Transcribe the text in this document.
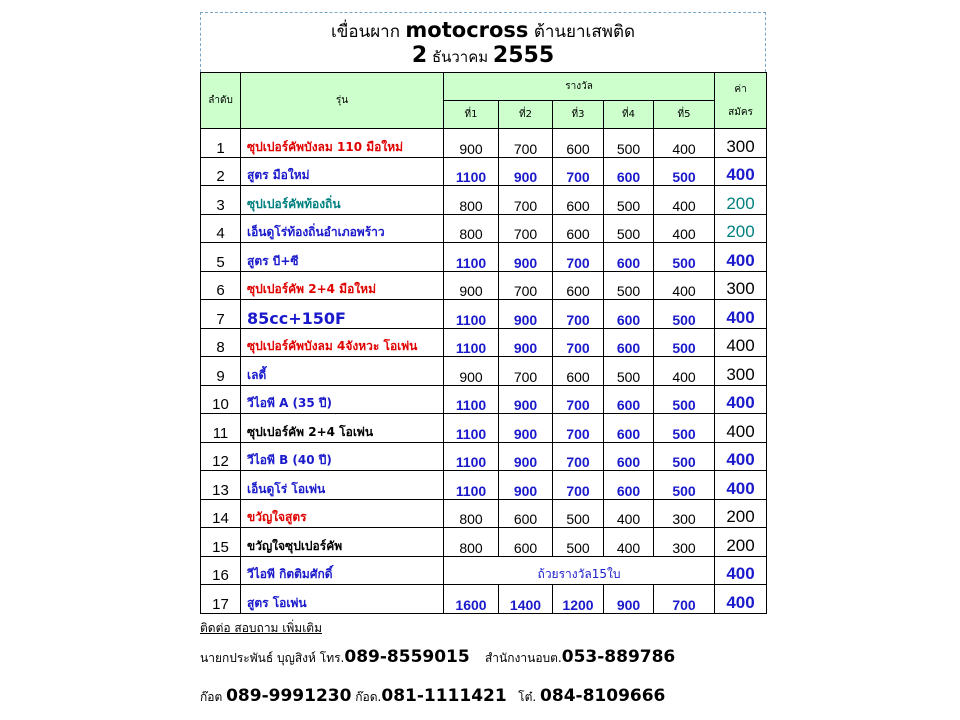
เขื่อนผาก motocross ต้านยาเสพติด
2 ธันวาคม 2555
ลำดับ	รุ่น	รางวัล					ค่า
สมัคร

		ที่1	ที่2	ที่3	ที่4	ที่5	
1	ซุปเปอร์คัพบังลม 110 มือใหม่	900	700	600	500	400	300
2	สูตร มือใหม่	1100	900	700	600	500	400
3	ซุปเปอร์คัพท้องถิ่น	800	700	600	500	400	200
4	เอ็นดูโร่ท้องถิ่นอำเภอพร้าว	800	700	600	500	400	200
5	สูตร บี+ซี	1100	900	700	600	500	400
6	ซุปเปอร์คัพ 2+4 มือใหม่	900	700	600	500	400	300
7	85cc+150F	1100	900	700	600	500	400
8	ซุปเปอร์คัพบังลม 4จังหวะ โอเพ่น	1100	900	700	600	500	400
9	เลดี้	900	700	600	500	400	300
10	วีไอพี A (35 ปี)	1100	900	700	600	500	400
11	ซุปเปอร์คัพ 2+4 โอเพ่น	1100	900	700	600	500	400
12	วีไอพี B (40 ปี)	1100	900	700	600	500	400
13	เอ็นดูโร่ โอเพ่น	1100	900	700	600	500	400
14	ขวัญใจสูตร	800	600	500	400	300	200
15	ขวัญใจซุปเปอร์คัพ	800	600	500	400	300	200
16	วีไอพี กิตติมศักดิ์	ถ้วยรางวัล15ใบ					400
17	สูตร โอเพ่น	1600	1400	1200	900	700	400
ติดต่อ สอบถาม เพิ่มเติม
นายกประพันธ์ บุญสิงห์ โทร.089-8559015 สำนักงานอบต.053-889786
ก๊อต 089-9991230 ก๊อด.081-1111421 โต๋. 084-8109666
